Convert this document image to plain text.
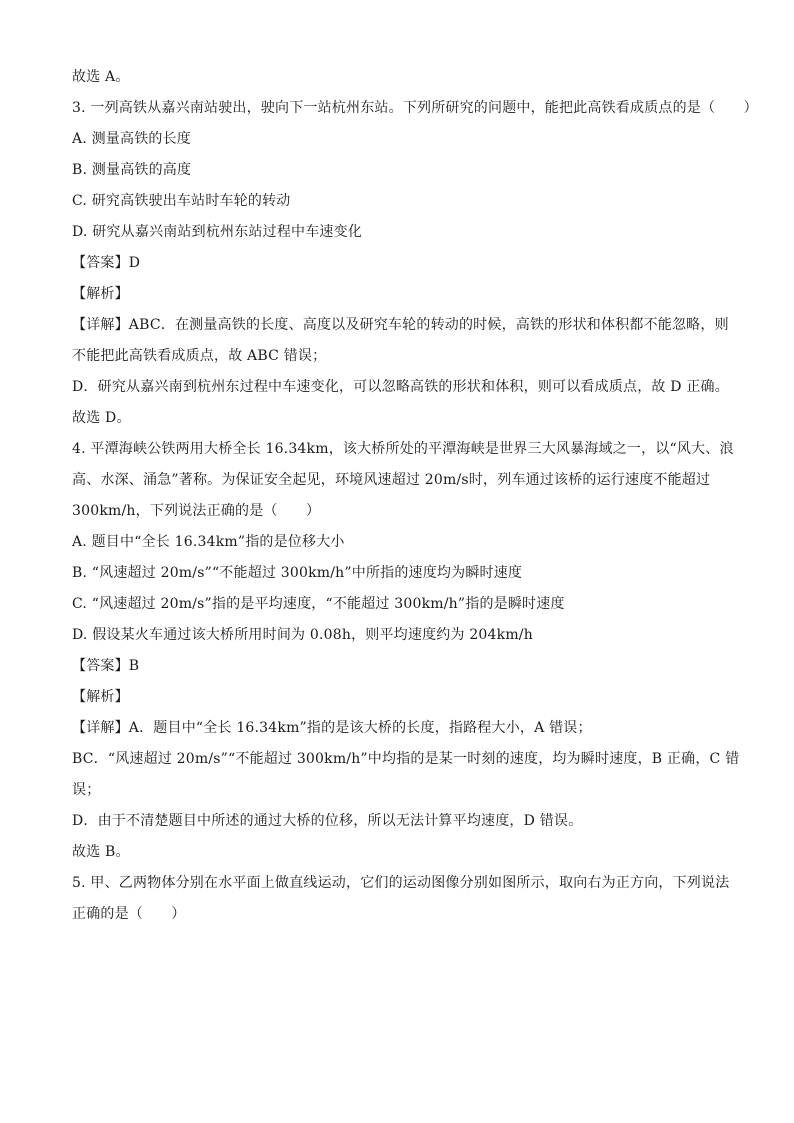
故选 A。
3. 一列高铁从嘉兴南站驶出，驶向下一站杭州东站。下列所研究的问题中，能把此高铁看成质点的是（　　）
A. 测量高铁的长度
B. 测量高铁的高度
C. 研究高铁驶出车站时车轮的转动
D. 研究从嘉兴南站到杭州东站过程中车速变化
【答案】D
【解析】
【详解】ABC．在测量高铁的长度、高度以及研究车轮的转动的时候，高铁的形状和体积都不能忽略，则
不能把此高铁看成质点，故 ABC 错误；
D．研究从嘉兴南到杭州东过程中车速变化，可以忽略高铁的形状和体积，则可以看成质点，故 D 正确。
故选 D。
4. 平潭海峡公铁两用大桥全长 16.34km，该大桥所处的平潭海峡是世界三大风暴海域之一，以“风大、浪
高、水深、涌急”著称。为保证安全起见，环境风速超过 20m/s时，列车通过该桥的运行速度不能超过
300km/h，下列说法正确的是（　　）
A. 题目中“全长 16.34km”指的是位移大小
B. “风速超过 20m/s”“不能超过 300km/h”中所指的速度均为瞬时速度
C. “风速超过 20m/s”指的是平均速度，“不能超过 300km/h”指的是瞬时速度
D. 假设某火车通过该大桥所用时间为 0.08h，则平均速度约为 204km/h
【答案】B
【解析】
【详解】A．题目中“全长 16.34km”指的是该大桥的长度，指路程大小，A 错误；
BC．“风速超过 20m/s”“不能超过 300km/h”中均指的是某一时刻的速度，均为瞬时速度，B 正确，C 错
误；
D．由于不清楚题目中所述的通过大桥的位移，所以无法计算平均速度，D 错误。
故选 B。
5. 甲、乙两物体分别在水平面上做直线运动，它们的运动图像分别如图所示，取向右为正方向，下列说法
正确的是（　　）
